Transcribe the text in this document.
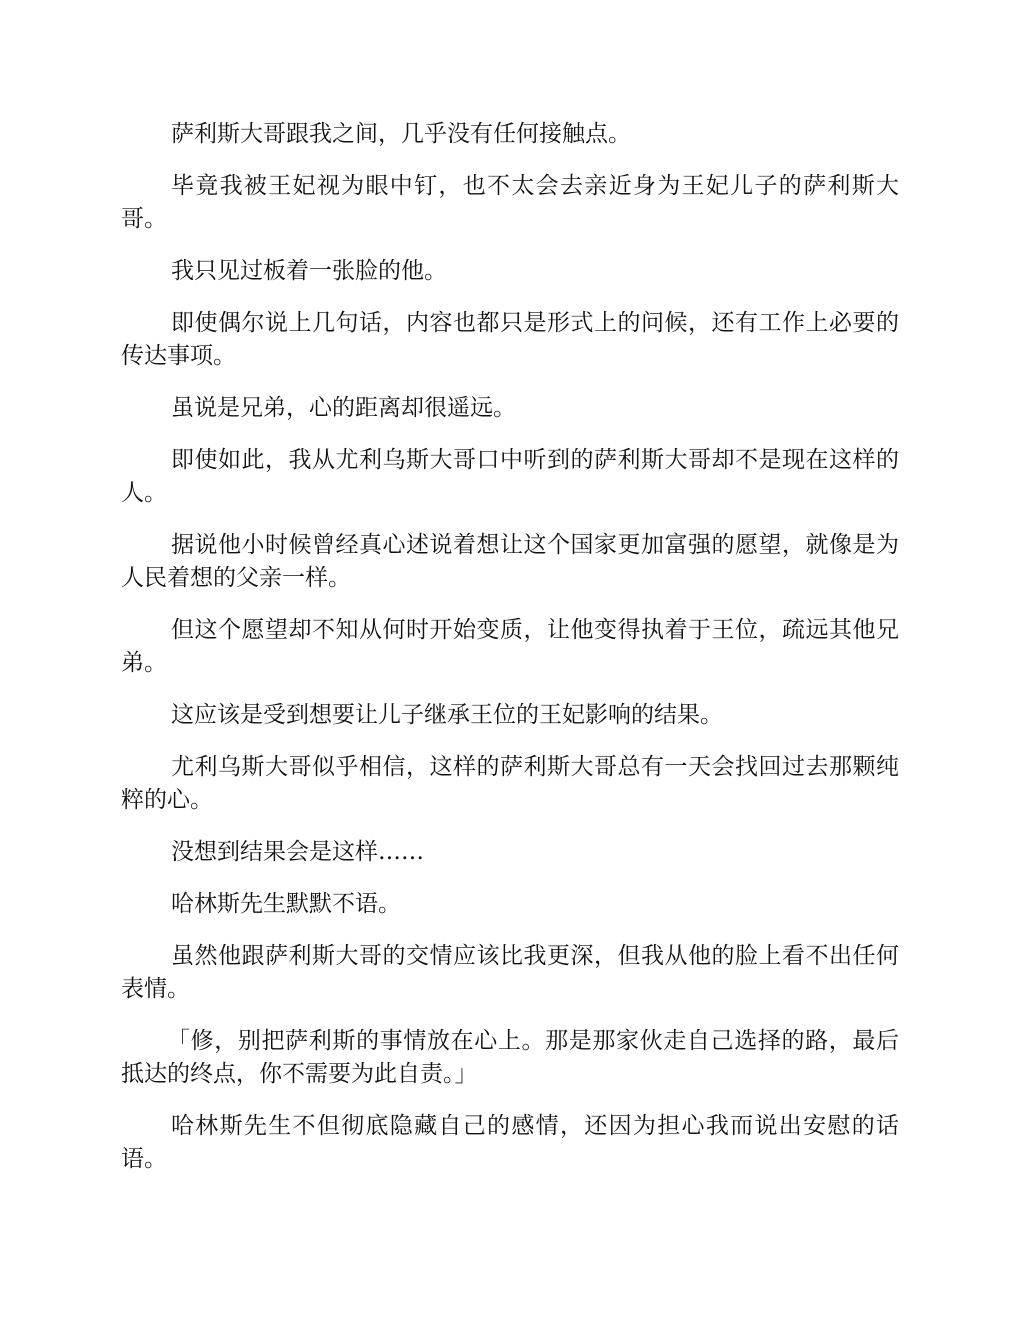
萨利斯大哥跟我之间，几乎没有任何接触点。

毕竟我被王妃视为眼中钉，也不太会去亲近身为王妃儿子的萨利斯大哥。

我只见过板着一张脸的他。

即使偶尔说上几句话，内容也都只是形式上的问候，还有工作上必要的传达事项。

虽说是兄弟，心的距离却很遥远。

即使如此，我从尤利乌斯大哥口中听到的萨利斯大哥却不是现在这样的人。

据说他小时候曾经真心述说着想让这个国家更加富强的愿望，就像是为人民着想的父亲一样。

但这个愿望却不知从何时开始变质，让他变得执着于王位，疏远其他兄弟。

这应该是受到想要让儿子继承王位的王妃影响的结果。

尤利乌斯大哥似乎相信，这样的萨利斯大哥总有一天会找回过去那颗纯粹的心。

没想到结果会是这样……

哈林斯先生默默不语。

虽然他跟萨利斯大哥的交情应该比我更深，但我从他的脸上看不出任何表情。

「修，别把萨利斯的事情放在心上。那是那家伙走自己选择的路，最后抵达的终点，你不需要为此自责。」

哈林斯先生不但彻底隐藏自己的感情，还因为担心我而说出安慰的话语。
